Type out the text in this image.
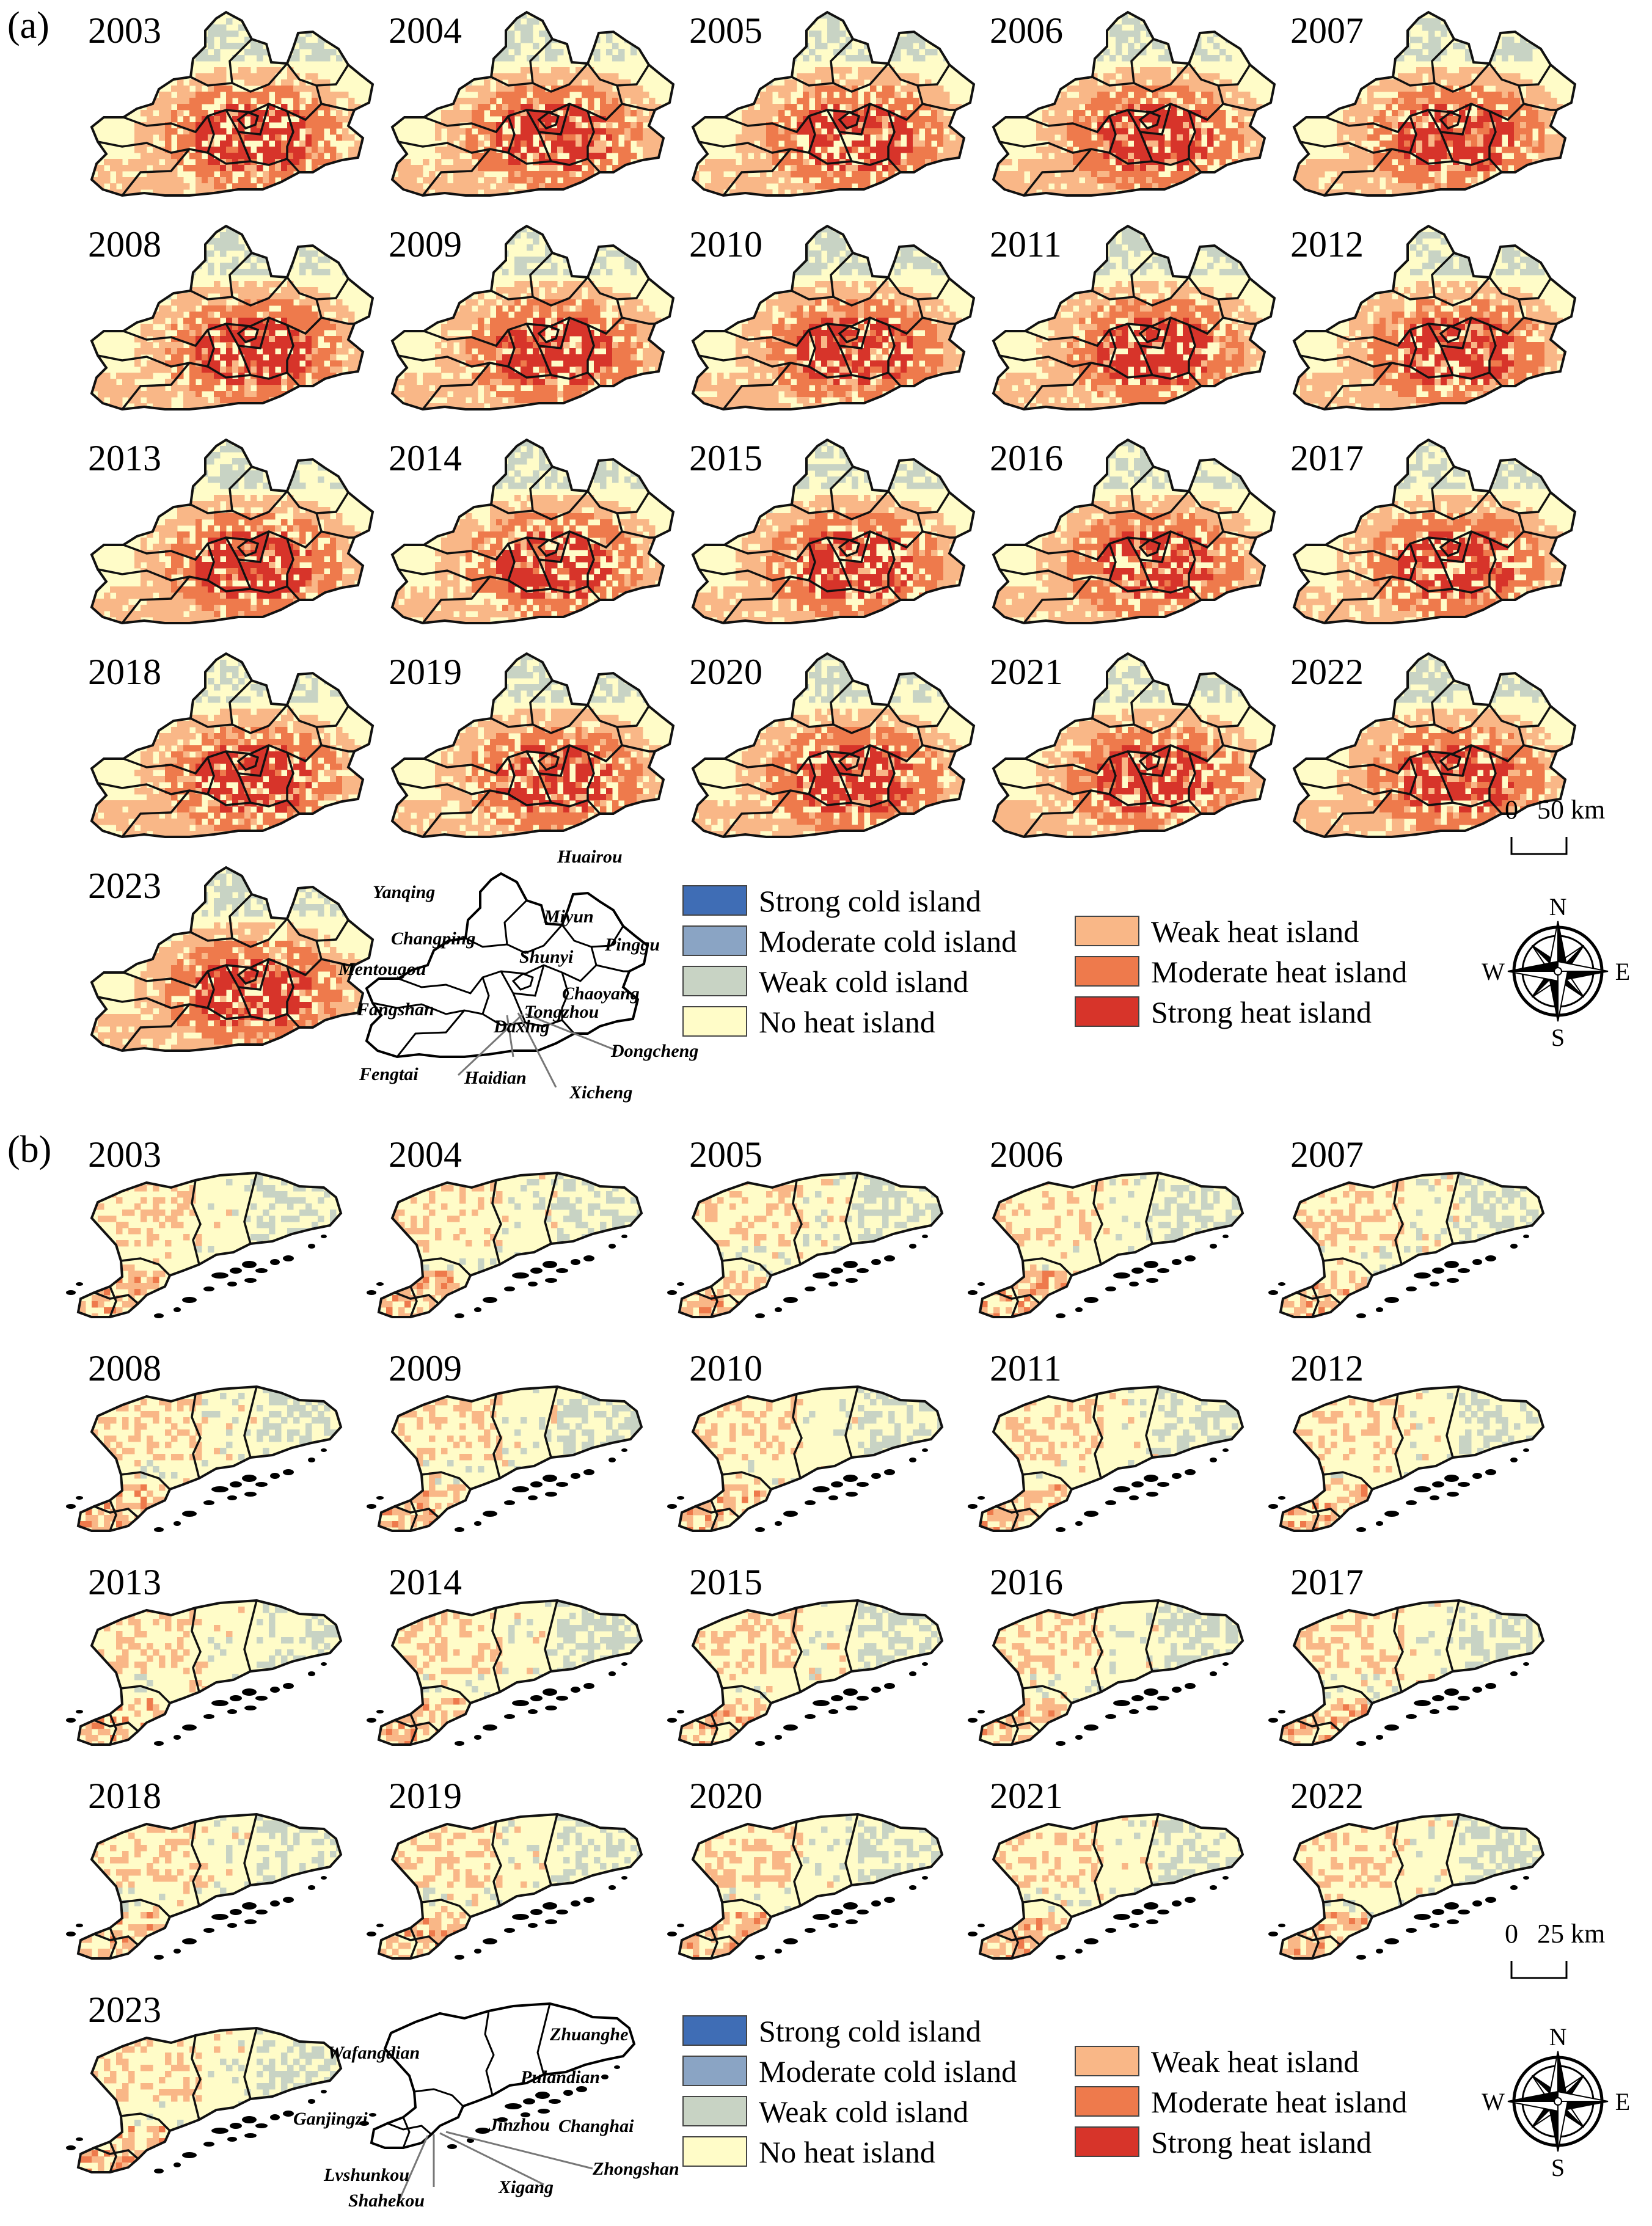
(a) 2003	2004	2005	2006	2007
2008	2009	2010	2011	2012
2013	2014	2015	2016	2017
2018	2019	2020	2021	2022
2023
Huairou
Yanqing
Miyun
Pinggu
Changping
Shunyi
Mentougou
Chaoyang
Tongzhou
Fangshan
Daxing
Dongcheng
Fengtai	Haidian
Xicheng
Strong cold island
Moderate cold island
Weak cold island
No heat island
Weak heat island
Moderate heat island
Strong heat island
0 50 km
N
S
E
W
(b) 2003	2004	2005	2006	2007
2008	2009	2010	2011	2012
2013	2014	2015	2016	2017
2018	2019	2020	2021	2022
2023
Wafangdian
Zhuanghe
Pulandian
Ganjingzi	Jinzhou Changhai
Lvshunkou	Zhongshan
Xigang
Shahekou
Strong cold island
Moderate cold island
Weak cold island
No heat island
Weak heat island
Moderate heat island
Strong heat island
0 25 km
N
S
E
W
